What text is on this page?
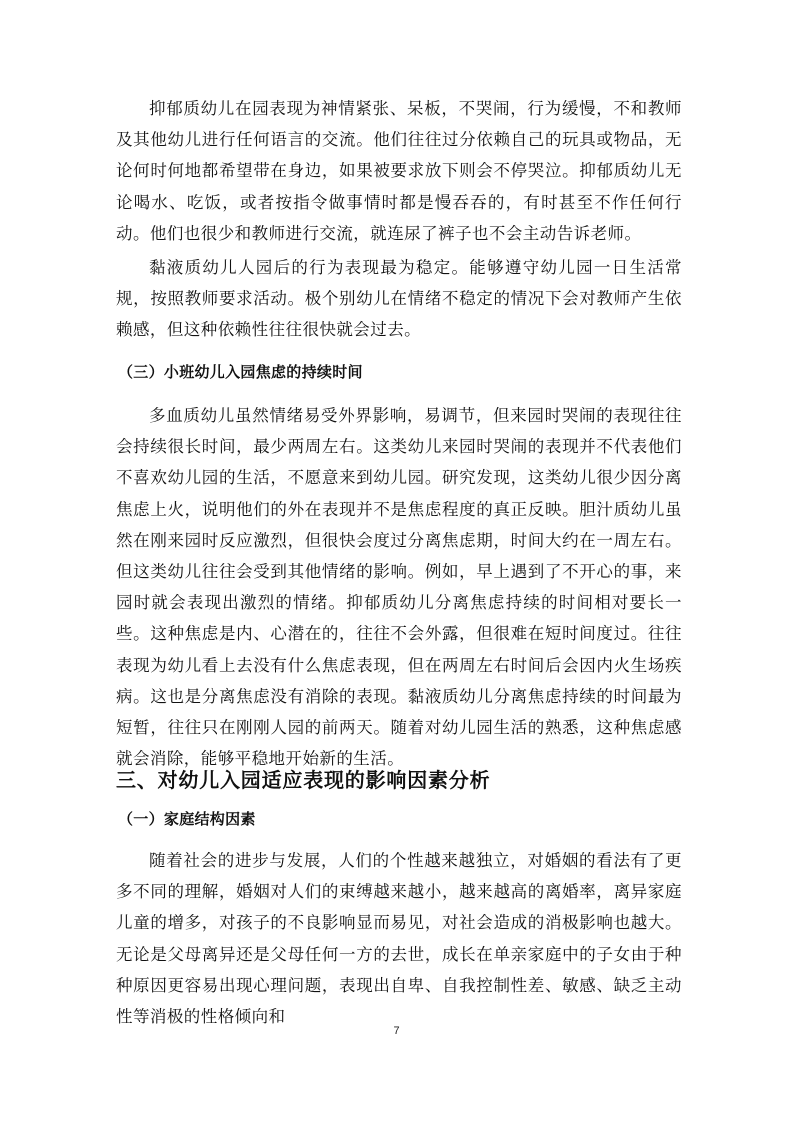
抑郁质幼儿在园表现为神情紧张、呆板，不哭闹，行为缓慢，不和教师及其他幼儿进行任何语言的交流。他们往往过分依赖自己的玩具或物品，无论何时何地都希望带在身边，如果被要求放下则会不停哭泣。抑郁质幼儿无论喝水、吃饭，或者按指令做事情时都是慢吞吞的，有时甚至不作任何行动。他们也很少和教师进行交流，就连尿了裤子也不会主动告诉老师。

黏液质幼儿人园后的行为表现最为稳定。能够遵守幼儿园一日生活常规，按照教师要求活动。极个别幼儿在情绪不稳定的情况下会对教师产生依赖感，但这种依赖性往往很快就会过去。

（三）小班幼儿入园焦虑的持续时间

多血质幼儿虽然情绪易受外界影响，易调节，但来园时哭闹的表现往往会持续很长时间，最少两周左右。这类幼儿来园时哭闹的表现并不代表他们不喜欢幼儿园的生活，不愿意来到幼儿园。研究发现，这类幼儿很少因分离焦虑上火，说明他们的外在表现并不是焦虑程度的真正反映。胆汁质幼儿虽然在刚来园时反应激烈，但很快会度过分离焦虑期，时间大约在一周左右。但这类幼儿往往会受到其他情绪的影响。例如，早上遇到了不开心的事，来园时就会表现出激烈的情绪。抑郁质幼儿分离焦虑持续的时间相对要长一些。这种焦虑是内、心潜在的，往往不会外露，但很难在短时间度过。往往表现为幼儿看上去没有什么焦虑表现，但在两周左右时间后会因内火生场疾病。这也是分离焦虑没有消除的表现。黏液质幼儿分离焦虑持续的时间最为短暂，往往只在刚刚人园的前两天。随着对幼儿园生活的熟悉，这种焦虑感就会消除，能够平稳地开始新的生活。

三、对幼儿入园适应表现的影响因素分析
（一）家庭结构因素

随着社会的进步与发展，人们的个性越来越独立，对婚姻的看法有了更多不同的理解，婚姻对人们的束缚越来越小，越来越高的离婚率，离异家庭儿童的增多，对孩子的不良影响显而易见，对社会造成的消极影响也越大。无论是父母离异还是父母任何一方的去世，成长在单亲家庭中的子女由于种种原因更容易出现心理问题，表现出自卑、自我控制性差、敏感、缺乏主动性等消极的性格倾向和

7
